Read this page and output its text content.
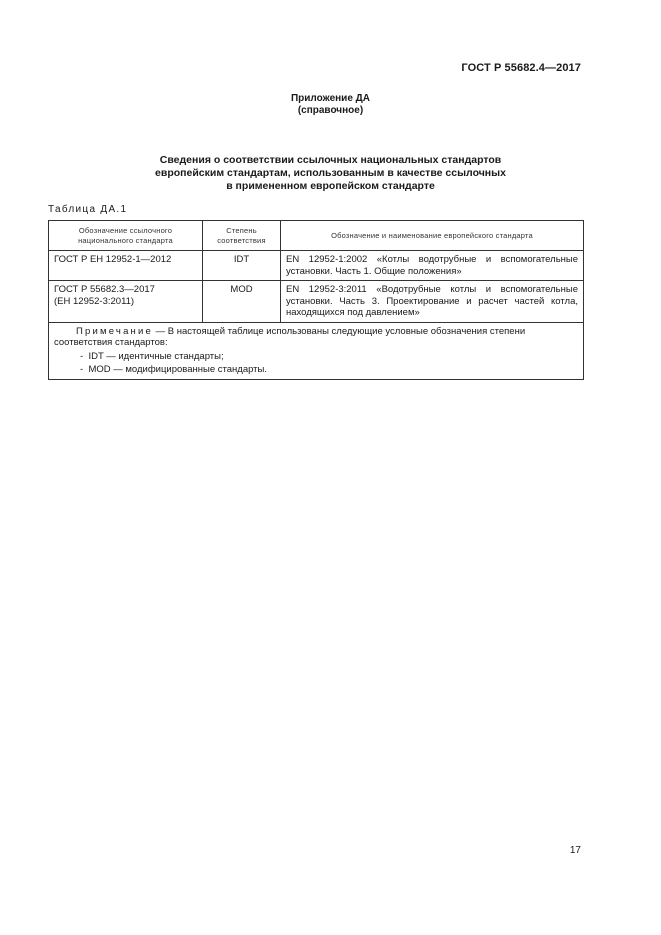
ГОСТ Р 55682.4—2017
Приложение ДА
(справочное)
Сведения о соответствии ссылочных национальных стандартов
европейским стандартам, использованным в качестве ссылочных
в примененном европейском стандарте
Таблица ДА.1
Обозначение ссылочного национального стандарта	Степень соответствия	Обозначение и наименование европейского стандарта

ГОСТ Р ЕН 12952-1—2012	IDT	EN 12952-1:2002 «Котлы водотрубные и вспомогательные установки. Часть 1. Общие положения»

ГОСТ Р 55682.3—2017
(ЕН 12952-3:2011)	MOD	EN 12952-3:2011 «Водотрубные котлы и вспомогательные установки. Часть 3. Проектирование и расчет частей котла, находящихся под давлением»

Примечание — В настоящей таблице использованы следующие условные обозначения степени соответствия стандартов:
-  IDT — идентичные стандарты;
-  MOD — модифицированные стандарты.
17
